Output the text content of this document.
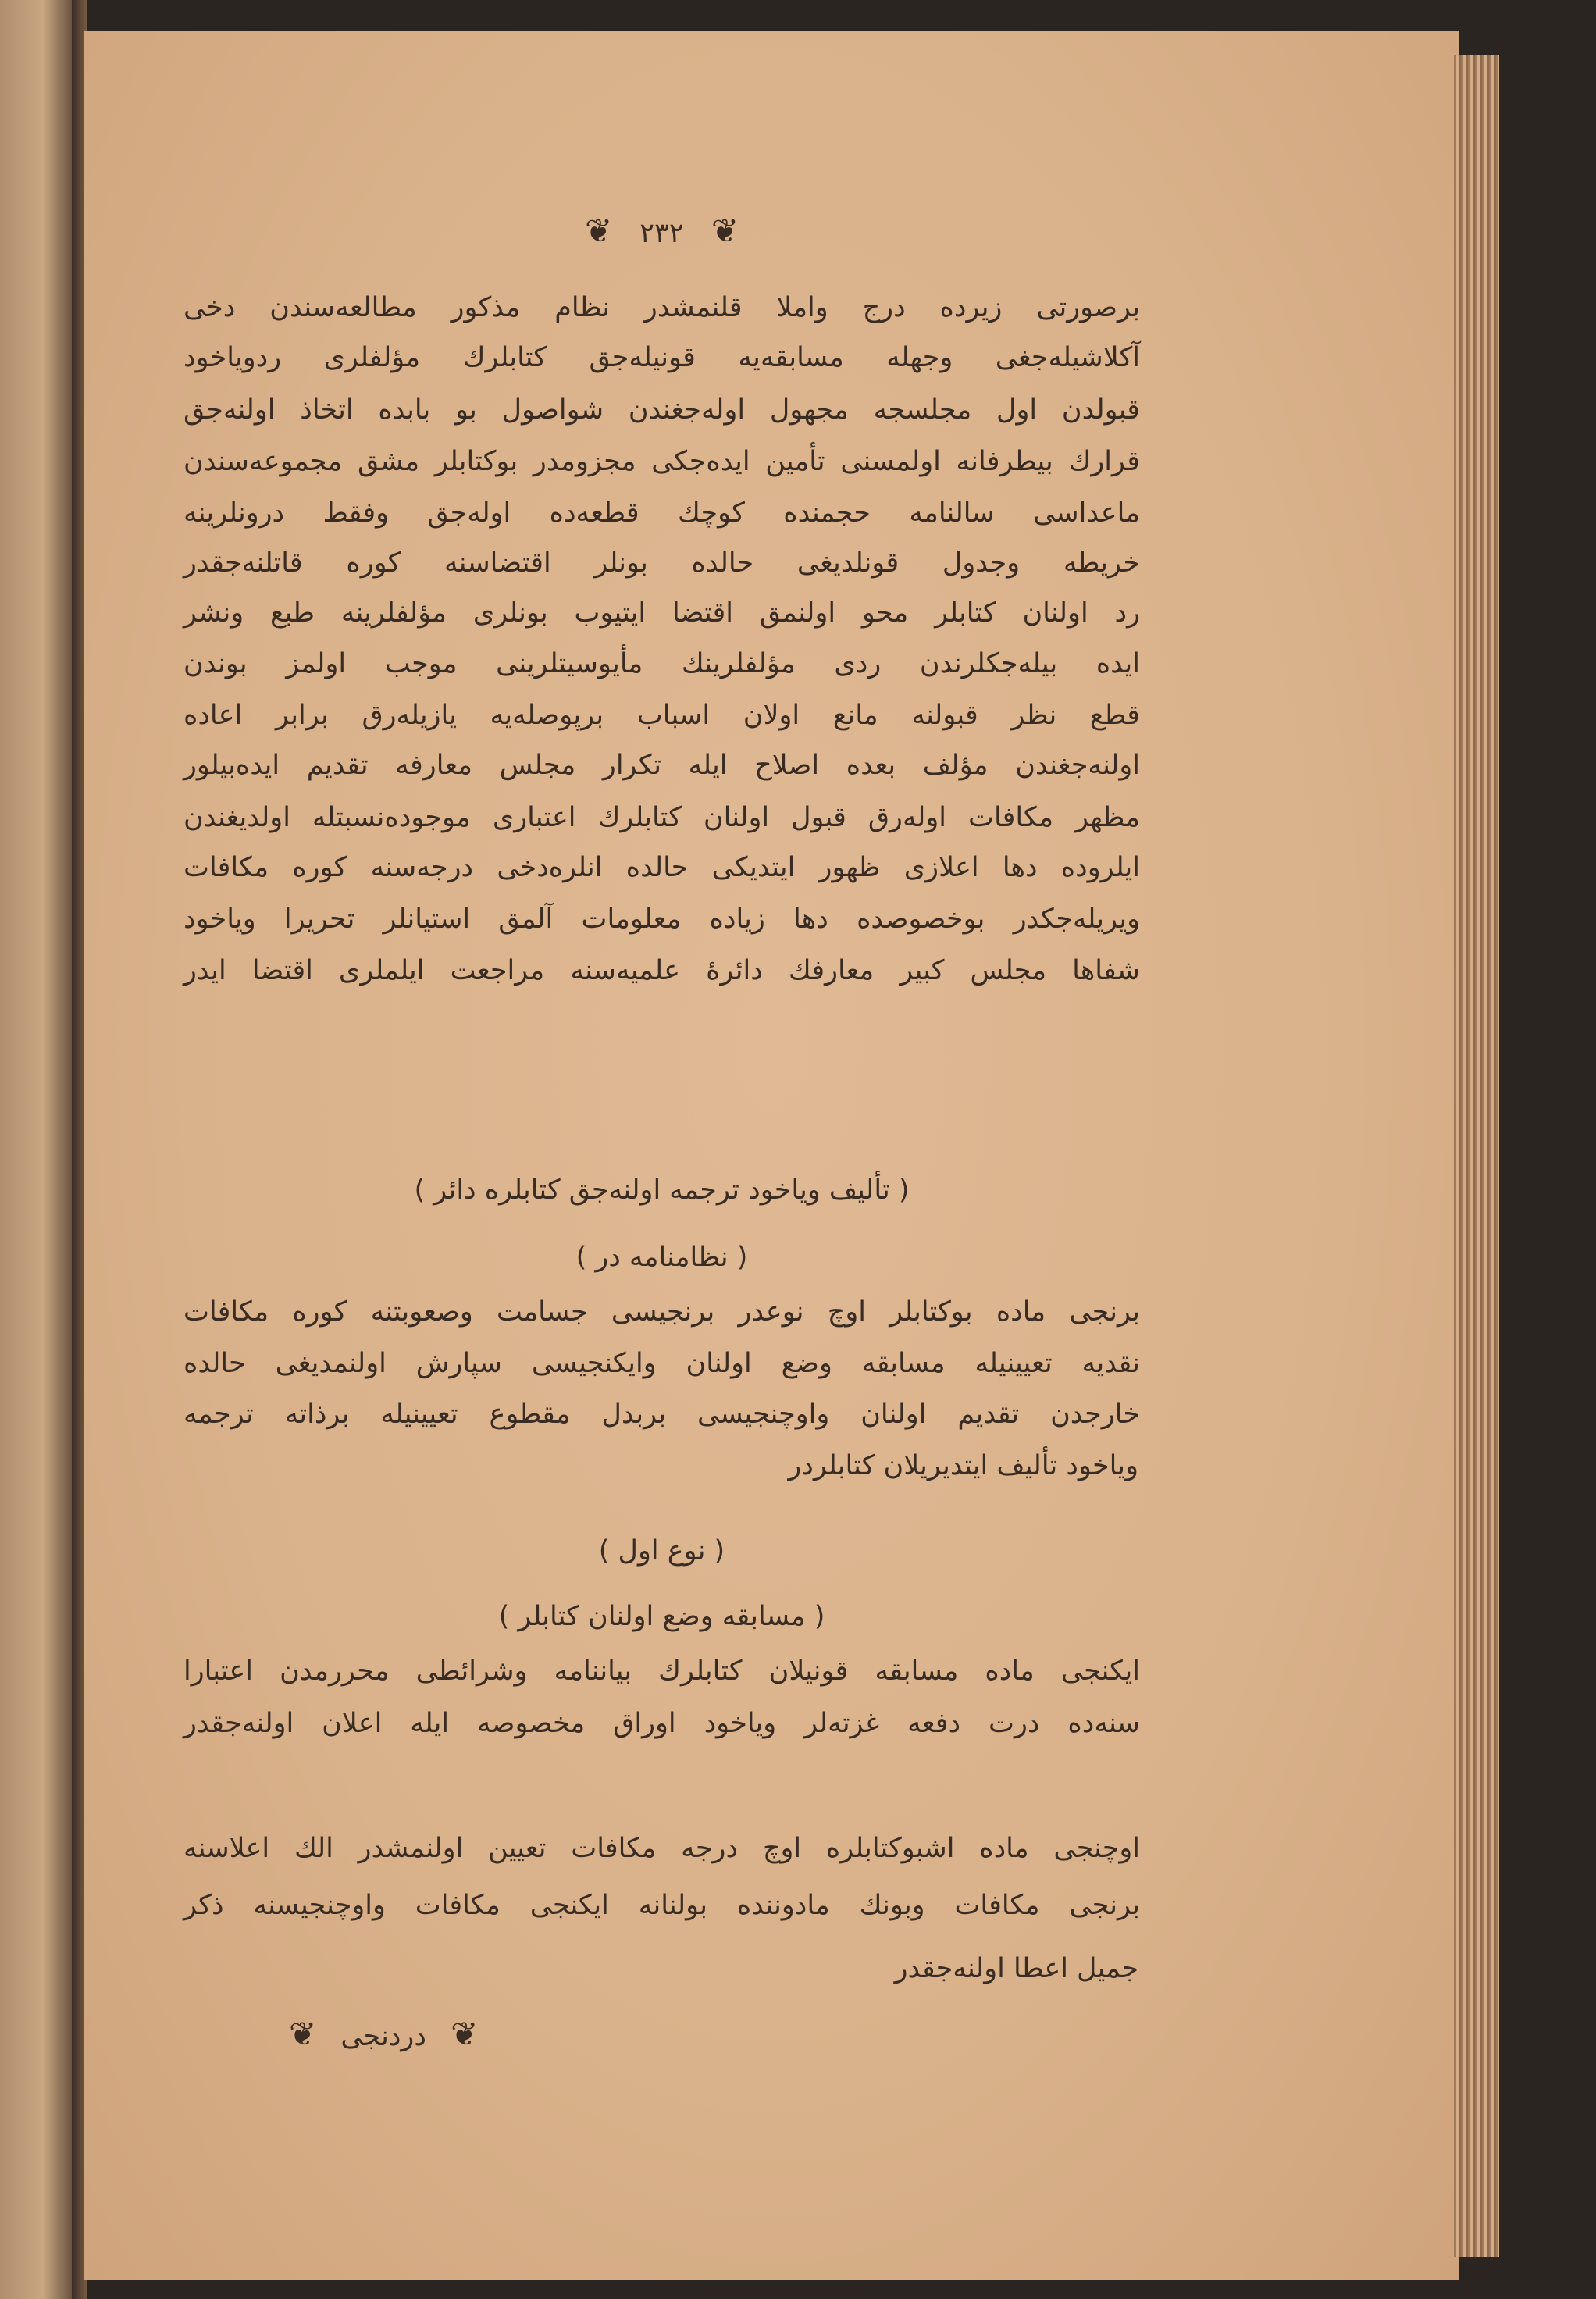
❦ ۲۳۲ ❦
برصورتی زیرده درج واملا قلنمشدر نظام مذکور مطالعه‌سندن دخی
آکلاشیله‌جغی وجهله مسابقه‌یه قونیله‌جق کتابلرك مؤلفلری ردویاخود
قبولدن اول مجلسجه مجهول اوله‌جغندن شواصول بو بابده اتخاذ اولنه‌جق
قرارك بیطرفانه اولمسنی تأمین ایده‌جکی مجزومدر بوکتابلر مشق مجموعه‌سندن
ماعداسی سالنامه حجمنده کوچك قطعه‌ده اوله‌جق وفقط درونلرینه
خریطه وجدول قونلدیغی حالده بونلر اقتضاسنه کوره قاتلنه‌جقدر
رد اولنان کتابلر محو اولنمق اقتضا ایتیوب بونلری مؤلفلرینه طبع ونشر
ایده بیله‌جکلرندن ردی مؤلفلرینك مأیوسیتلرینی موجب اولمز بوندن
قطع نظر قبولنه مانع اولان اسباب برپوصله‌یه یازیله‌رق برابر اعاده
اولنه‌جغندن مؤلف بعده اصلاح ایله تکرار مجلس معارفه تقدیم ایده‌بیلور
مظهر مکافات اوله‌رق قبول اولنان کتابلرك اعتباری موجوده‌نسبتله اولدیغندن
ایلروده دها اعلازی ظهور ایتدیکی حالده انلره‌دخی درجه‌سنه کوره مکافات
ویریله‌جکدر بوخصوصده دها زیاده معلومات آلمق استیانلر تحریرا ویاخود
شفاها مجلس کبیر معارفك دائرهٔ علمیه‌سنه مراجعت ایلملری اقتضا ایدر
( تألیف ویاخود ترجمه اولنه‌جق کتابلره دائر )
( نظامنامه در )
برنجی ماده بوکتابلر اوچ نوعدر برنجیسی جسامت وصعوبتنه کوره مکافات
نقدیه تعیینیله مسابقه وضع اولنان وایکنجیسی سپارش اولنمدیغی حالده
خارجدن تقدیم اولنان واوچنجیسی بربدل مقطوع تعیینیله برذاته ترجمه
ویاخود تألیف ایتدیریلان کتابلردر
( نوع اول )
( مسابقه وضع اولنان کتابلر )
ایکنجی ماده مسابقه قونیلان کتابلرك بیاننامه وشرائطی محررمدن اعتبارا
سنه‌ده درت دفعه غزته‌لر ویاخود اوراق مخصوصه ایله اعلان اولنه‌جقدر
اوچنجی ماده اشبوکتابلره اوچ درجه مکافات تعیین اولنمشدر الك اعلاسنه
برنجی مکافات وبونك مادوننده بولنانه ایکنجی مکافات واوچنجیسنه ذکر
جمیل اعطا اولنه‌جقدر
❦ دردنجی ❦
